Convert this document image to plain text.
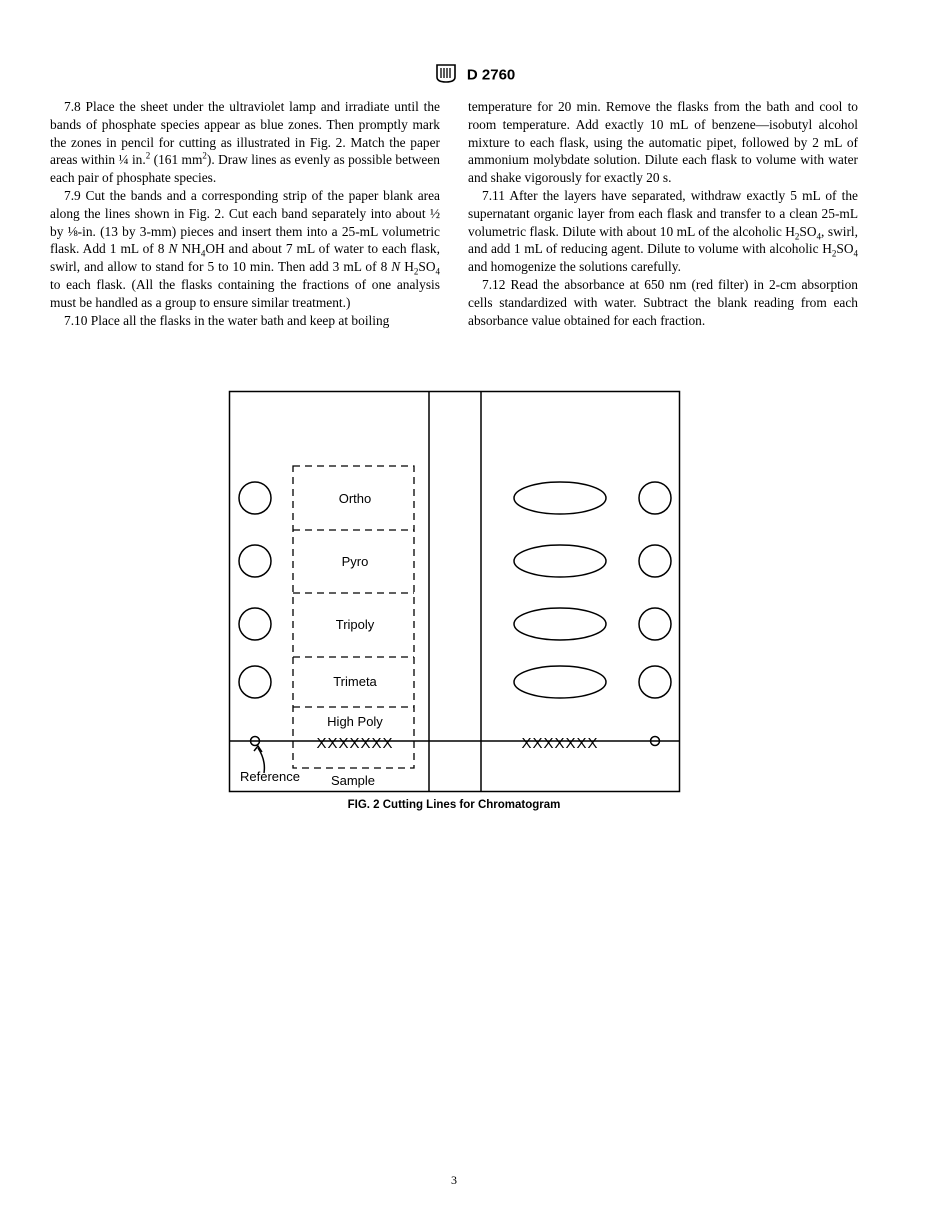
D 2760

7.8 Place the sheet under the ultraviolet lamp and irradiate until the bands of phosphate species appear as blue zones. Then promptly mark the zones in pencil for cutting as illustrated in Fig. 2. Match the paper areas within ¼ in.$^2$ (161 $mm^2$). Draw lines as evenly as possible between each pair of phosphate species.

7.9 Cut the bands and a corresponding strip of the paper blank area along the lines shown in Fig. 2. Cut each band separately into about ½ by ⅛-in. (13 by 3-mm) pieces and insert them into a 25-mL volumetric flask. Add 1 mL of 8 N $NH_4OH$ and about 7 mL of water to each flask, swirl, and allow to stand for 5 to 10 min. Then add 3 mL of 8 N $H_2SO_4$ to each flask. (All the flasks containing the fractions of one analysis must be handled as a group to ensure similar treatment.)

7.10 Place all the flasks in the water bath and keep at boiling

temperature for 20 min. Remove the flasks from the bath and cool to room temperature. Add exactly 10 mL of benzene—isobutyl alcohol mixture to each flask, using the automatic pipet, followed by 2 mL of ammonium molybdate solution. Dilute each flask to volume with water and shake vigorously for exactly 20 s.

7.11 After the layers have separated, withdraw exactly 5 mL of the supernatant organic layer from each flask and transfer to a clean 25-mL volumetric flask. Dilute with about 10 mL of the alcoholic $H_2SO_4$, swirl, and add 1 mL of reducing agent. Dilute to volume with alcoholic $H_2SO_4$ and homogenize the solutions carefully.

7.12 Read the absorbance at 650 nm (red filter) in 2-cm absorption cells standardized with water. Subtract the blank reading from each absorbance value obtained for each fraction.

Ortho
Pyro
Tripoly
Trimeta
High Poly
XXXXXXX	XXXXXXX
Reference Sample
FIG. 2 Cutting Lines for Chromatogram
3
